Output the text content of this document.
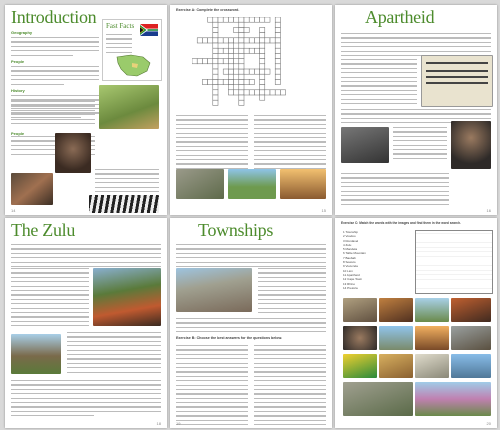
Introduction
Geography
People
History
Fast Facts
People
14
Exercise A: Complete the crossword.
15
Apartheid
16
The Zulu
18
Townships
Exercise B: Choose the best answers for the questions below.
19
Exercise C: Match the words with the images and find them in the word search.
1 Township
2 Voodoo
3 Rondavel
4 Zulu
5 Mandela
6 Table Mountain
7 Baobab
8 Soweto
9 Vuvuzela
10 Lion
11 Apartheid
12 Cape Town
13 Rhino
14 Pretoria
20
